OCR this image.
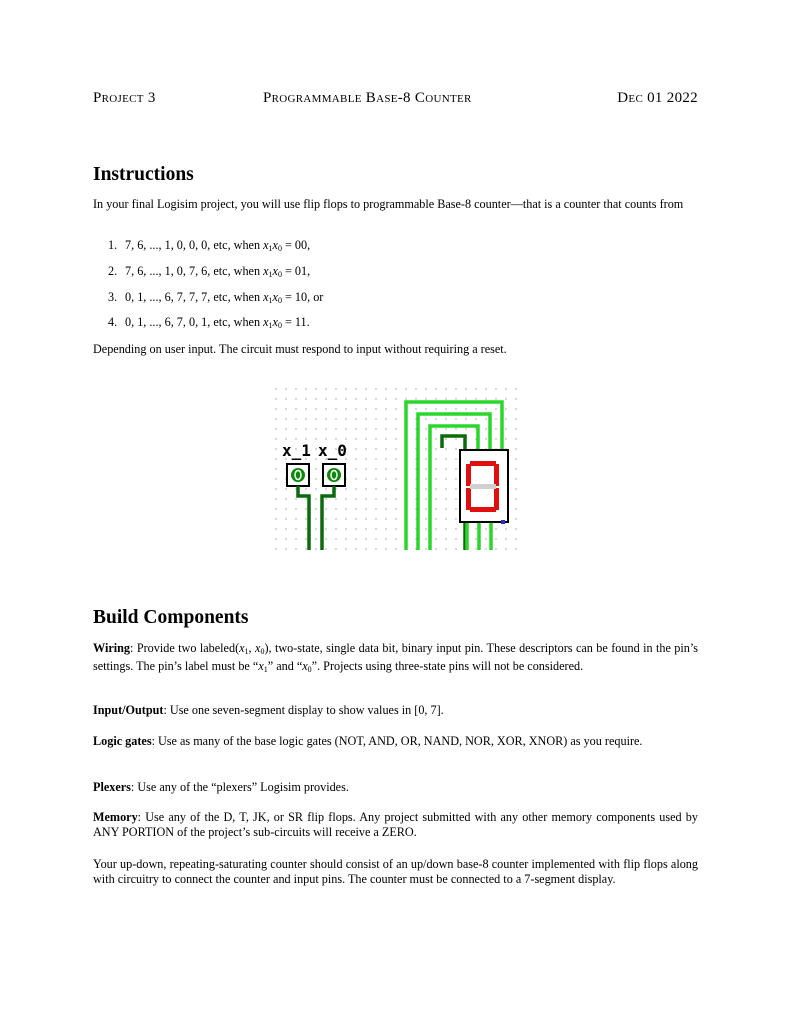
Project 3	Programmable Base-8 Counter	Dec 01 2022
Instructions

In your final Logisim project, you will use flip flops to programmable Base-8 counter—that is a counter that counts from

1. 7, 6, ..., 1, 0, 0, 0, etc, when $x_1x_0 = 00$,
2. 7, 6, ..., 1, 0, 7, 6, etc, when $x_1x_0 = 01$,
3. 0, 1, ..., 6, 7, 7, 7, etc, when $x_1x_0 = 10$, or
4. 0, 1, ..., 6, 7, 0, 1, etc, when $x_1x_0 = 11$.

Depending on user input. The circuit must respond to input without requiring a reset.

x_1 x_0
Build Components

Wiring: Provide two $labeled(x_1$, $x_0$), two-state, single data bit, binary input pin. These descriptors can be found in the pin’s settings. The pin’s label must be “$x_1$” and “$x_0$”. Projects using three-state pins will not be considered.

Input/Output: Use one seven-segment display to show values in [0, 7].

Logic gates: Use as many of the base logic gates (NOT, AND, OR, NAND, NOR, XOR, XNOR) as you require.

Plexers: Use any of the “plexers” Logisim provides.

Memory: Use any of the D, T, JK, or SR flip flops. Any project submitted with any other memory components used by ANY PORTION of the project’s sub-circuits will receive a ZERO.

Your up-down, repeating-saturating counter should consist of an up/down base-8 counter implemented with flip flops along with circuitry to connect the counter and input pins. The counter must be connected to a 7-segment display.
